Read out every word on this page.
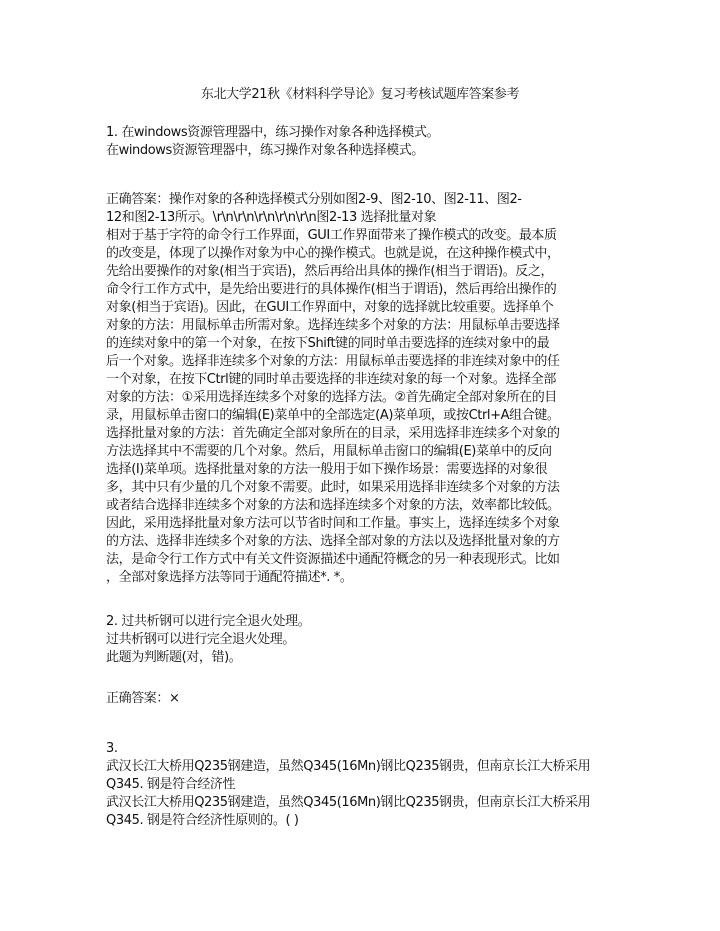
东北大学21秋《材料科学导论》复习考核试题库答案参考

1. 在windows资源管理器中，练习操作对象各种选择模式。

在windows资源管理器中，练习操作对象各种选择模式。

正确答案：操作对象的各种选择模式分别如图2-9、图2-10、图2-11、图2-
12和图2-13所示。\r\n\r\n\r\n\r\n\r\n图2-13 选择批量对象
相对于基于字符的命令行工作界面，GUI工作界面带来了操作模式的改变。最本质
的改变是，体现了以操作对象为中心的操作模式。也就是说，在这种操作模式中，
先给出要操作的对象(相当于宾语)，然后再给出具体的操作(相当于谓语)。反之，
命令行工作方式中，是先给出要进行的具体操作(相当于谓语)，然后再给出操作的
对象(相当于宾语)。因此，在GUI工作界面中，对象的选择就比较重要。选择单个
对象的方法：用鼠标单击所需对象。选择连续多个对象的方法：用鼠标单击要选择
的连续对象中的第一个对象，在按下Shift键的同时单击要选择的连续对象中的最
后一个对象。选择非连续多个对象的方法：用鼠标单击要选择的非连续对象中的任
一个对象，在按下Ctrl键的同时单击要选择的非连续对象的每一个对象。选择全部
对象的方法：①采用选择连续多个对象的选择方法。②首先确定全部对象所在的目
录，用鼠标单击窗口的编辑(E)菜单中的全部选定(A)菜单项，或按Ctrl+A组合键。
选择批量对象的方法：首先确定全部对象所在的目录，采用选择非连续多个对象的
方法选择其中不需要的几个对象。然后，用鼠标单击窗口的编辑(E)菜单中的反向
选择(I)菜单项。选择批量对象的方法一般用于如下操作场景：需要选择的对象很
多，其中只有少量的几个对象不需要。此时，如果采用选择非连续多个对象的方法
或者结合选择非连续多个对象的方法和选择连续多个对象的方法，效率都比较低。
因此，采用选择批量对象方法可以节省时间和工作量。事实上，选择连续多个对象
的方法、选择非连续多个对象的方法、选择全部对象的方法以及选择批量对象的方
法，是命令行工作方式中有关文件资源描述中通配符概念的另一种表现形式。比如
，全部对象选择方法等同于通配符描述*. *。

2. 过共析钢可以进行完全退火处理。

过共析钢可以进行完全退火处理。

此题为判断题(对，错)。

正确答案：×

3.

武汉长江大桥用Q235钢建造，虽然Q345(16Mn)钢比Q235钢贵，但南京长江大桥采用

Q345. 钢是符合经济性

武汉长江大桥用Q235钢建造，虽然Q345(16Mn)钢比Q235钢贵，但南京长江大桥采用

Q345. 钢是符合经济性原则的。( )
